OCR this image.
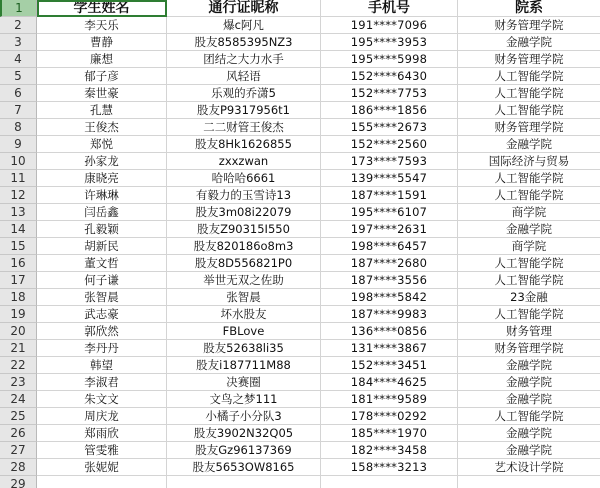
1	学生姓名	通行证昵称	手机号	院系
2	李天乐	爆c阿凡	191****7096	财务管理学院
3	曹静	股友8585395NZ3	195****3953	金融学院
4	廉想	团结之大力水手	195****5998	财务管理学院
5	郁子彦	风轻语	152****6430	人工智能学院
6	秦世豪	乐观的乔潇5	152****7753	人工智能学院
7	孔慧	股友P9317956t1	186****1856	人工智能学院
8	王俊杰	二二财管王俊杰	155****2673	财务管理学院
9	郑悦	股友8Hk1626855	152****2560	金融学院
10	孙家龙	zxxzwan	173****7593	国际经济与贸易
11	康晓亮	哈哈哈6661	139****5547	人工智能学院
12	许琳琳	有毅力的玉雪诗13	187****1591	人工智能学院
13	闫岳鑫	股友3m08i22079	195****6107	商学院
14	孔毅颖	股友Z90315I550	197****2631	金融学院
15	胡新民	股友820186o8m3	198****6457	商学院
16	董文哲	股友8D556821P0	187****2680	人工智能学院
17	何子谦	举世无双之佐助	187****3556	人工智能学院
18	张智晨	张智晨	198****5842	23金融
19	武志豪	坏水股友	187****9983	人工智能学院
20	郭欣然	FBLove	136****0856	财务管理
21	李丹丹	股友52638li35	131****3867	财务管理学院
22	韩望	股友i187711M88	152****3451	金融学院
23	李淑君	决赛圈	184****4625	金融学院
24	朱文文	文鸟之梦111	181****9589	金融学院
25	周庆龙	小橘子小分队3	178****0292	人工智能学院
26	郑雨欣	股友3902N32Q05	185****1970	金融学院
27	管雯雅	股友Gz96137369	182****3458	金融学院
28	张妮妮	股友5653OW8165	158****3213	艺术设计学院
29
